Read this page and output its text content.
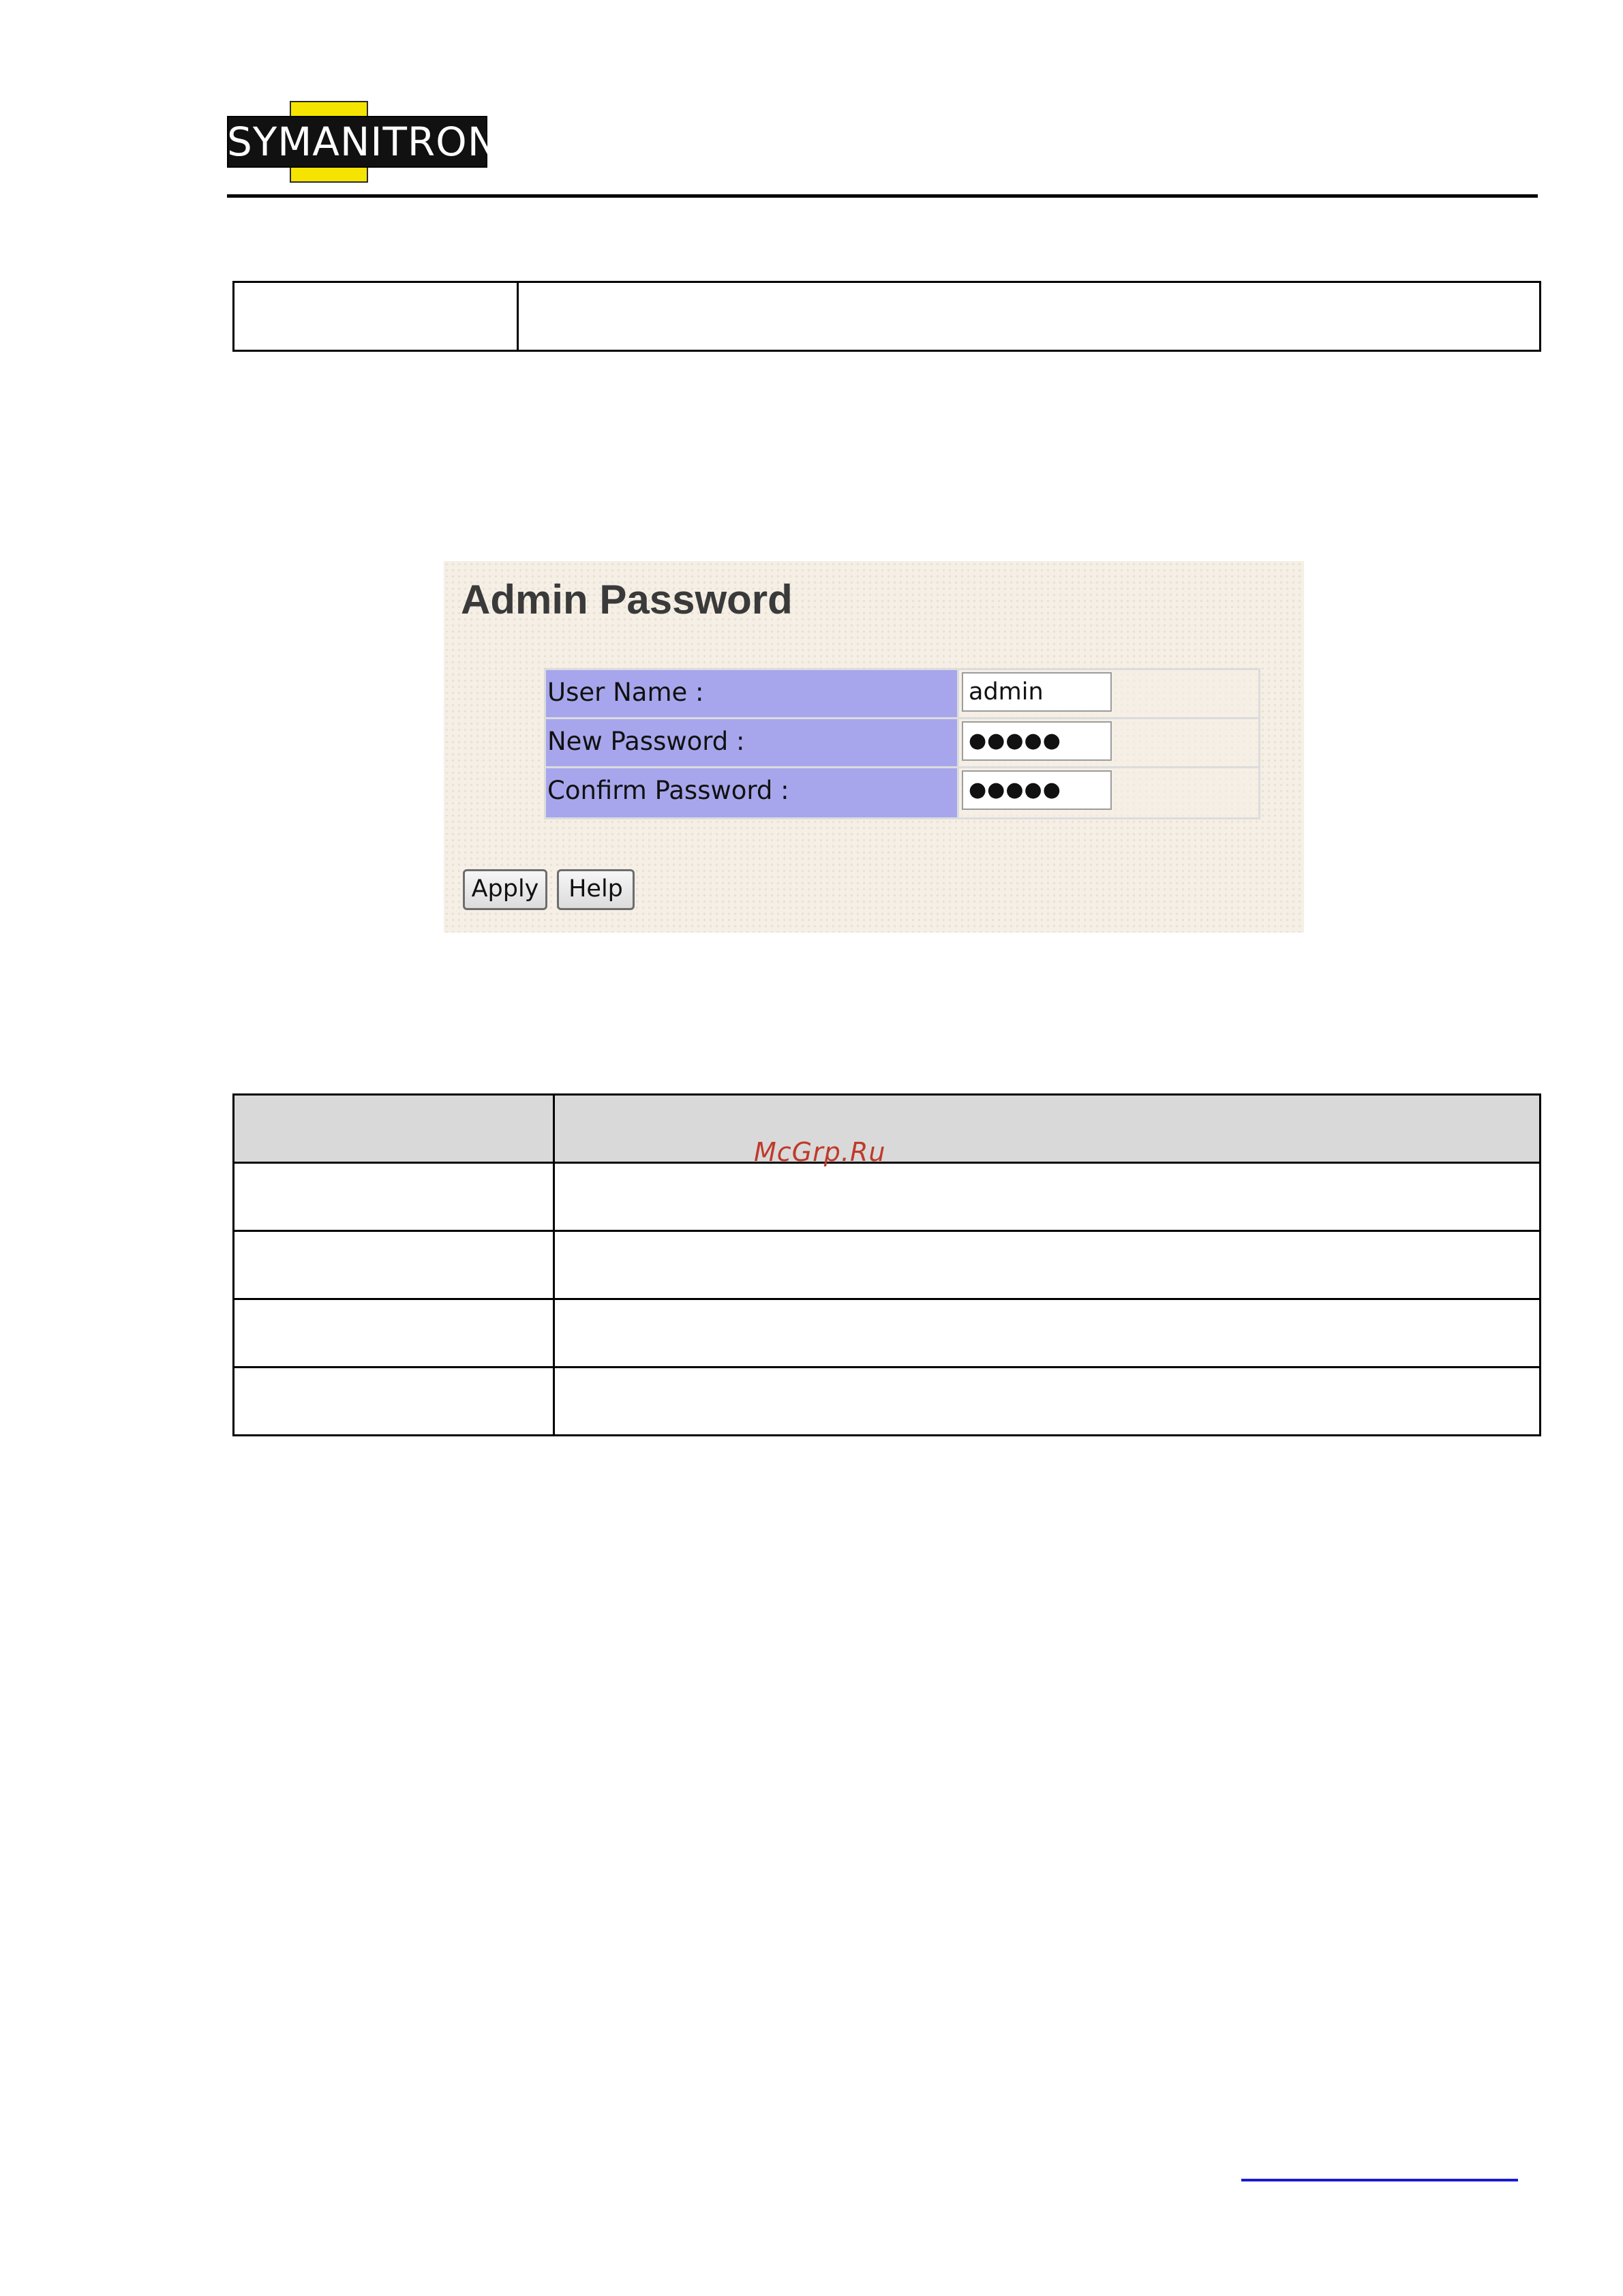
SYMANITRON
Admin Password
User Name :	admin
New Password :	●●●●●
Confirm Password :	●●●●●
Apply	Help
McGrp.Ru
